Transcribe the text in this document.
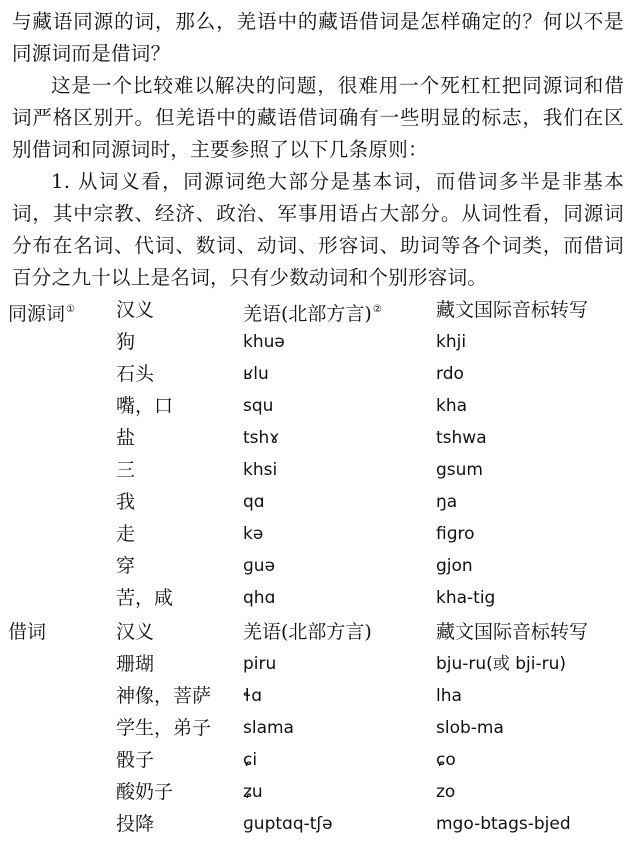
与藏语同源的词，那么，羌语中的藏语借词是怎样确定的？何以不是同源词而是借词？

这是一个比较难以解决的问题，很难用一个死杠杠把同源词和借词严格区别开。但羌语中的藏语借词确有一些明显的标志，我们在区别借词和同源词时，主要参照了以下几条原则：

1. 从词义看，同源词绝大部分是基本词，而借词多半是非基本词，其中宗教、经济、政治、军事用语占大部分。从词性看，同源词分布在名词、代词、数词、动词、形容词、助词等各个词类，而借词百分之九十以上是名词，只有少数动词和个别形容词。

同源词① 汉义	羌语(北部方言)②	藏文国际音标转写
狗	khuə	khji
石头	ʁlu	rdo
嘴，口	squ	kha
盐	tshɤ	tshwa
三	khsi	gsum
我	qɑ	ŋa
走	kə	fiɡro
穿	ɡuə	gjon
苦，咸	qhɑ	kha-tig
借词	汉义	羌语(北部方言)	藏文国际音标转写
珊瑚	piru	bju-ru(或 bji-ru)
神像，菩萨 ɬɑ	lha
学生，弟子 slama	slob-ma
骰子	ɕi	ɕo
酸奶子	ʑu	zo
投降	ɡuptɑq-tʃə	mgo-btags-bjed
